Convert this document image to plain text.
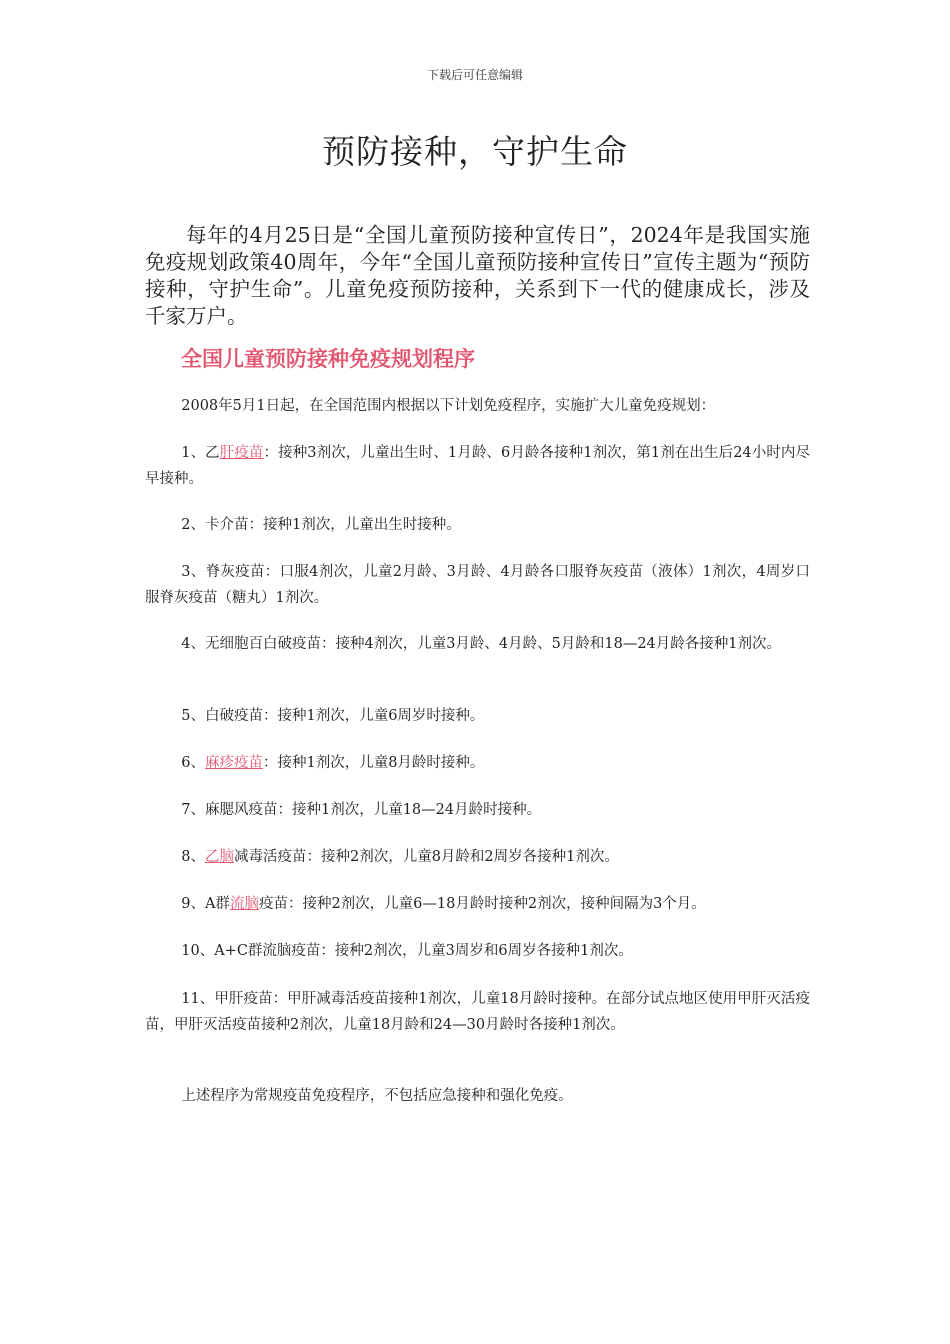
下载后可任意编辑
预防接种，守护生命

每年的4月25日是“全国儿童预防接种宣传日”，2024年是我国实施免疫规划政策40周年，今年“全国儿童预防接种宣传日”宣传主题为“预防接种，守护生命”。儿童免疫预防接种，关系到下一代的健康成长，涉及千家万户。

全国儿童预防接种免疫规划程序

2008年5月1日起，在全国范围内根据以下计划免疫程序，实施扩大儿童免疫规划：

1、乙肝疫苗：接种3剂次，儿童出生时、1月龄、6月龄各接种1剂次，第1剂在出生后24小时内尽早接种。

2、卡介苗：接种1剂次，儿童出生时接种。

3、脊灰疫苗：口服4剂次，儿童2月龄、3月龄、4月龄各口服脊灰疫苗（液体）1剂次，4周岁口服脊灰疫苗（糖丸）1剂次。

4、无细胞百白破疫苗：接种4剂次，儿童3月龄、4月龄、5月龄和18—24月龄各接种1剂次。

5、白破疫苗：接种1剂次，儿童6周岁时接种。

6、麻疹疫苗：接种1剂次，儿童8月龄时接种。

7、麻腮风疫苗：接种1剂次，儿童18—24月龄时接种。

8、乙脑减毒活疫苗：接种2剂次，儿童8月龄和2周岁各接种1剂次。

9、A群流脑疫苗：接种2剂次，儿童6—18月龄时接种2剂次，接种间隔为3个月。

10、A+C群流脑疫苗：接种2剂次，儿童3周岁和6周岁各接种1剂次。

11、甲肝疫苗：甲肝减毒活疫苗接种1剂次，儿童18月龄时接种。在部分试点地区使用甲肝灭活疫苗，甲肝灭活疫苗接种2剂次，儿童18月龄和24—30月龄时各接种1剂次。

上述程序为常规疫苗免疫程序，不包括应急接种和强化免疫。
